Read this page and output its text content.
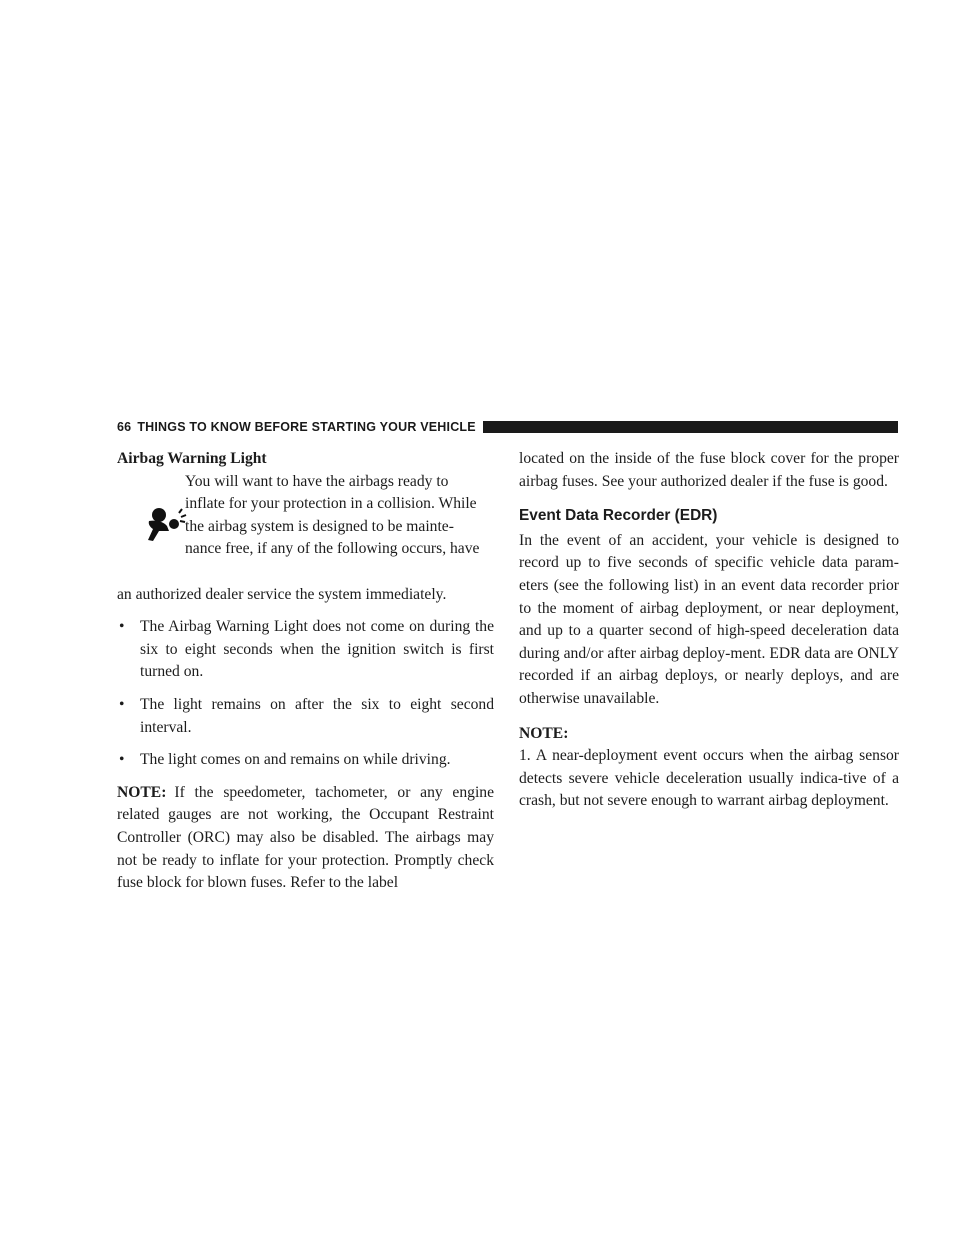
66 THINGS TO KNOW BEFORE STARTING YOUR VEHICLE

Airbag Warning Light

You will want to have the airbags ready to

inflate for your protection in a collision. While

the airbag system is designed to be mainte-

nance free, if any of the following occurs, have

an authorized dealer service the system immediately.

• The Airbag Warning Light does not come on during the six to eight seconds when the ignition switch is first turned on.

• The light remains on after the six to eight second interval.

• The light comes on and remains on while driving.

NOTE: If the speedometer, tachometer, or any engine related gauges are not working, the Occupant Restraint Controller (ORC) may also be disabled. The airbags may not be ready to inflate for your protection. Promptly check fuse block for blown fuses. Refer to the label

located on the inside of the fuse block cover for the proper airbag fuses. See your authorized dealer if the fuse is good.

Event Data Recorder (EDR)

In the event of an accident, your vehicle is designed to record up to five seconds of specific vehicle data param-eters (see the following list) in an event data recorder prior to the moment of airbag deployment, or near deployment, and up to a quarter second of high-speed deceleration data during and/or after airbag deploy-ment. EDR data are ONLY recorded if an airbag deploys, or nearly deploys, and are otherwise unavailable.

NOTE:

1. A near-deployment event occurs when the airbag sensor detects severe vehicle deceleration usually indica-tive of a crash, but not severe enough to warrant airbag deployment.
